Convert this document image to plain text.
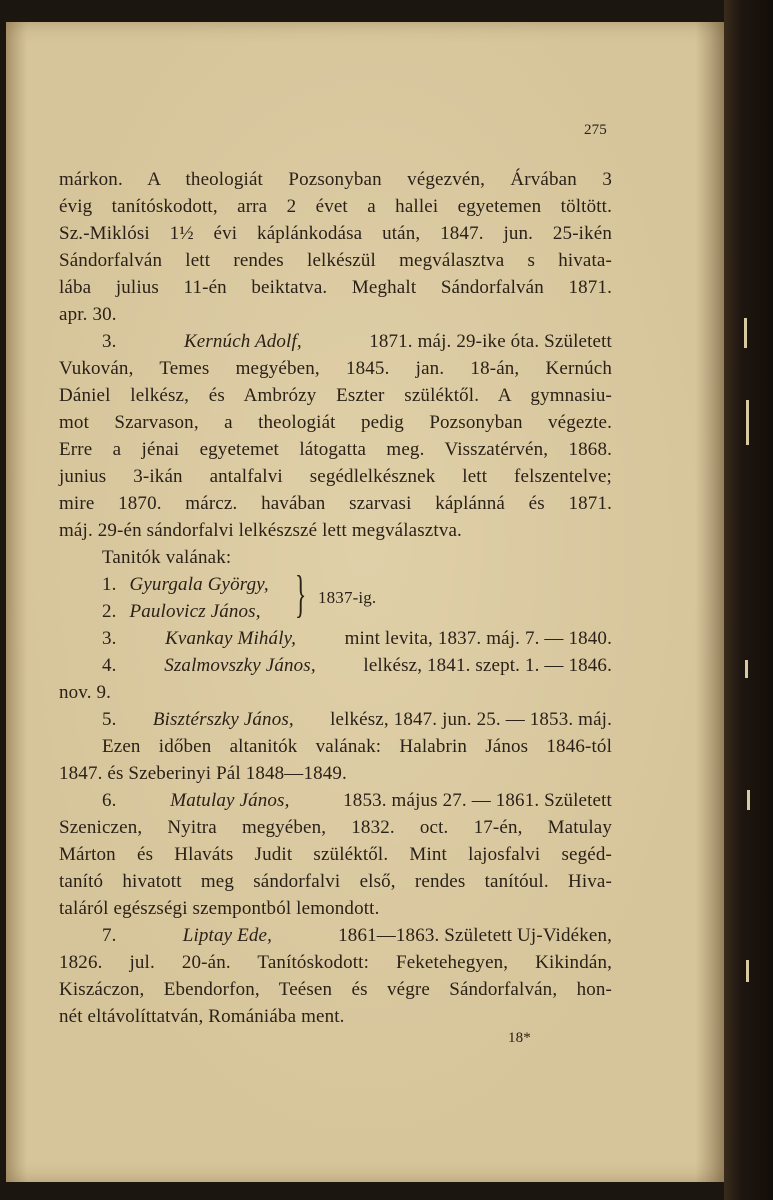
275
márkon. A theologiát Pozsonyban végezvén, Árvában 3
évig tanítóskodott, arra 2 évet a hallei egyetemen töltött.
Sz.-Miklósi 1½ évi káplánkodása után, 1847. jun. 25-ikén
Sándorfalván lett rendes lelkészül megválasztva s hivata-
lába julius 11-én beiktatva. Meghalt Sándorfalván 1871.
apr. 30.
3.	Kernúch Adolf,	1871. máj. 29-ike óta. Született
Vukován, Temes megyében, 1845. jan. 18-án, Kernúch
Dániel lelkész, és Ambrózy Eszter szüléktől. A gymnasiu-
mot Szarvason, a theologiát pedig Pozsonyban végezte.
Erre a jénai egyetemet látogatta meg. Visszatérvén, 1868.
junius 3-ikán antalfalvi segédlelkésznek lett felszentelve;
mire 1870. márcz. havában szarvasi káplánná és 1871.
máj. 29-én sándorfalvi lelkészszé lett megválasztva.
Tanitók valának:
1. Gyurgala György,
2. Paulovicz János, } 1837-ig.
3.	Kvankay Mihály,	mint levita, 1837. máj. 7. — 1840.
4.	Szalmovszky János,	lelkész, 1841. szept. 1. — 1846.
nov. 9.
5. Bisztérszky János, lelkész, 1847. jun. 25. — 1853. máj.
Ezen időben altanitók valának: Halabrin János 1846-tól
1847. és Szeberinyi Pál 1848—1849.
6.	Matulay János,	1853. május 27. — 1861. Született
Szeniczen, Nyitra megyében, 1832. oct. 17-én, Matulay
Márton és Hlaváts Judit szüléktől. Mint lajosfalvi segéd-
tanító hivatott meg sándorfalvi első, rendes tanítóul. Hiva-
taláról egészségi szempontból lemondott.
7.	Liptay Ede,	1861—1863. Született Uj-Vidéken,
1826. jul. 20-án. Tanítóskodott: Feketehegyen, Kikindán,
Kiszáczon, Ebendorfon, Teésen és végre Sándorfalván, hon-
nét eltávolíttatván, Romániába ment.
18*
